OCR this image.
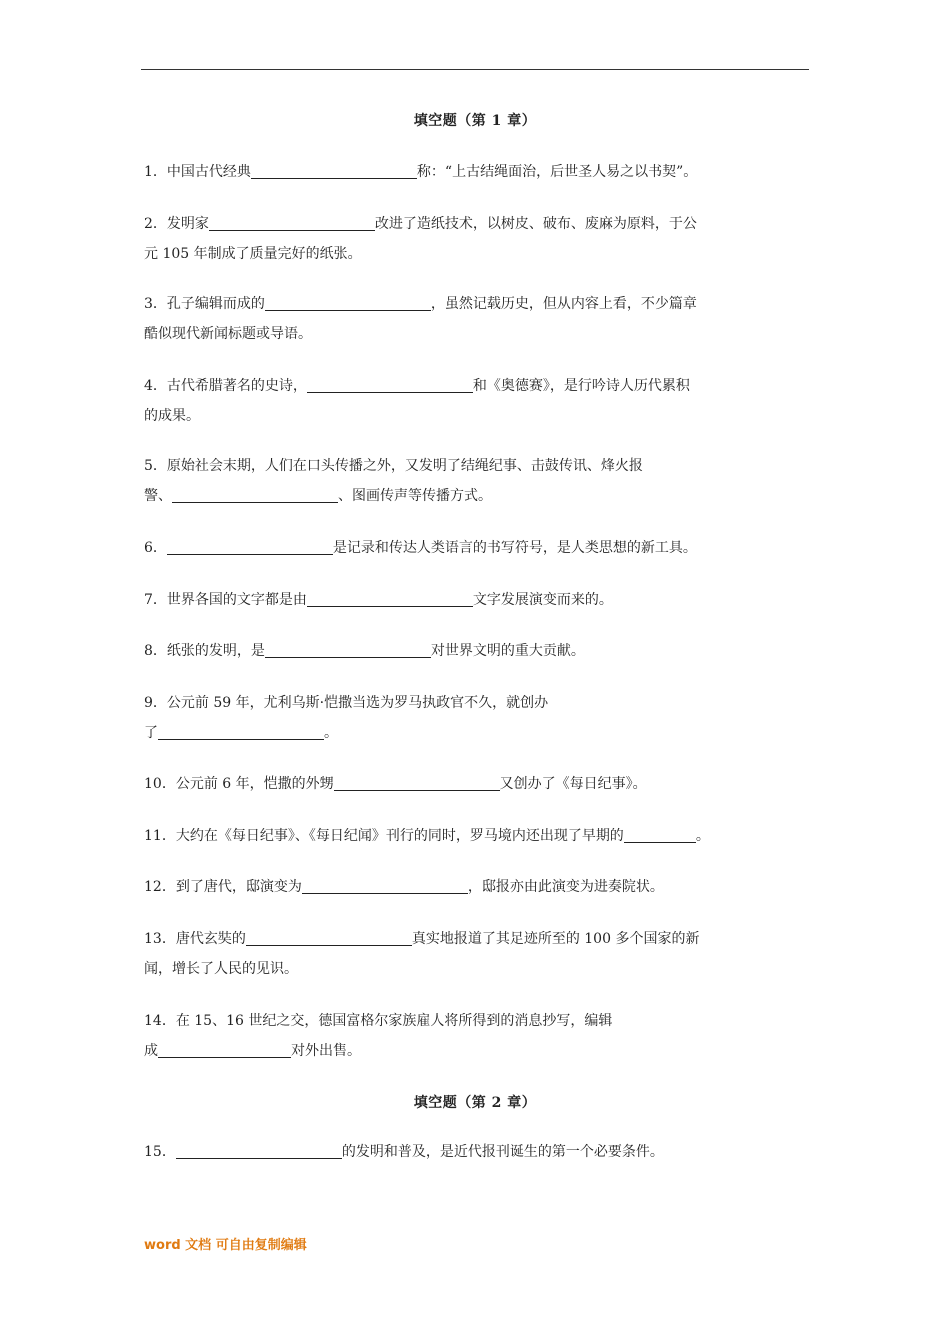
填空题（第 1 章）
1．中国古代经典	称：“上古结绳面治，后世圣人易之以书契”。
2．发明家	改进了造纸技术，以树皮、破布、废麻为原料，于公
元 105 年制成了质量完好的纸张。
3．孔子编辑而成的	，虽然记载历史，但从内容上看，不少篇章
酷似现代新闻标题或导语。
4．古代希腊著名的史诗，	和《奥德赛》，是行吟诗人历代累积
的成果。
5．原始社会末期，人们在口头传播之外，又发明了结绳纪事、击鼓传讯、烽火报
警、	、图画传声等传播方式。
6．	是记录和传达人类语言的书写符号，是人类思想的新工具。
7．世界各国的文字都是由	文字发展演变而来的。
8．纸张的发明，是	对世界文明的重大贡献。
9．公元前 59 年，尤利乌斯·恺撒当选为罗马执政官不久，就创办
了	。
10．公元前 6 年，恺撒的外甥	又创办了《每日纪事》。
11．大约在《每日纪事》、《每日纪闻》刊行的同时，罗马境内还出现了早期的	。
12．到了唐代，邸演变为	，邸报亦由此演变为进奏院状。
13．唐代玄奘的	真实地报道了其足迹所至的 100 多个国家的新
闻，增长了人民的见识。
14．在 15、16 世纪之交，德国富格尔家族雇人将所得到的消息抄写，编辑
成	对外出售。
填空题（第 2 章）
15．	的发明和普及，是近代报刊诞生的第一个必要条件。
word 文档 可自由复制编辑
